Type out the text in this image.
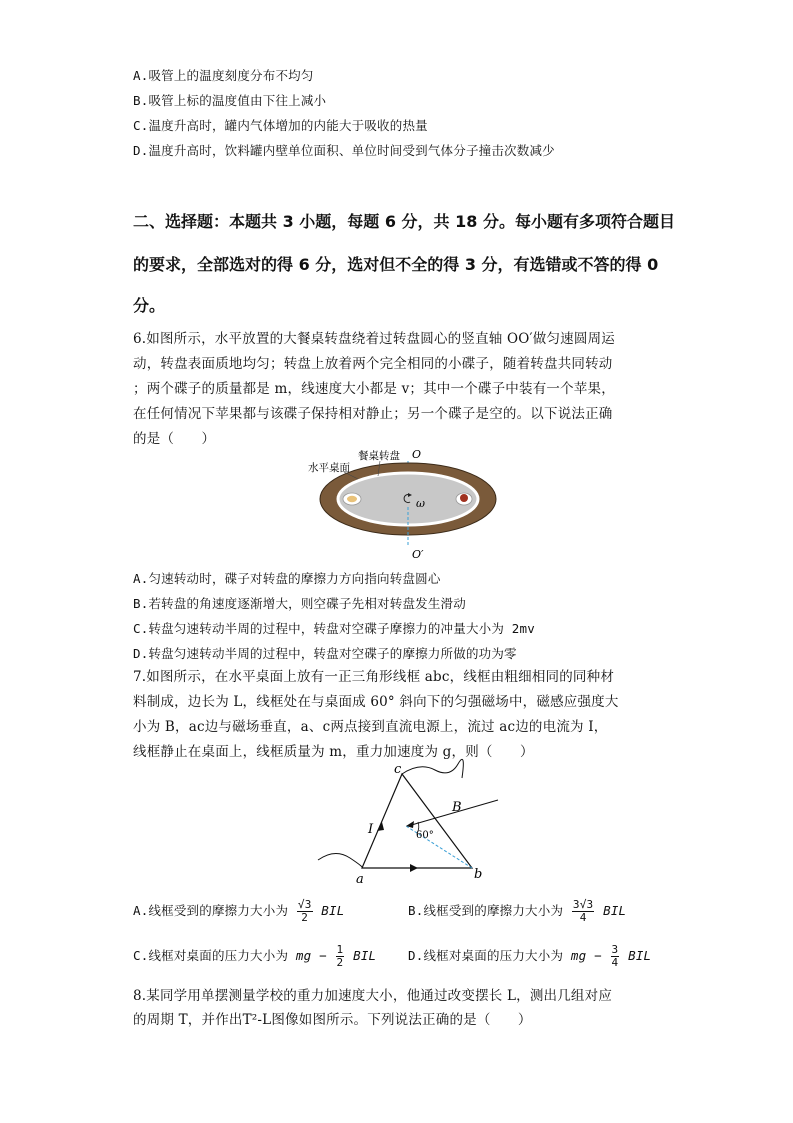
A.吸管上的温度刻度分布不均匀
B.吸管上标的温度值由下往上减小
C.温度升高时，罐内气体增加的内能大于吸收的热量
D.温度升高时，饮料罐内壁单位面积、单位时间受到气体分子撞击次数减少
二、选择题：本题共 3 小题，每题 6 分，共 18 分。每小题有多项符合题目
的要求，全部选对的得 6 分，选对但不全的得 3 分，有选错或不答的得 0
分。
6.如图所示，水平放置的大餐桌转盘绕着过转盘圆心的竖直轴 OO′做匀速圆周运
动，转盘表面质地均匀；转盘上放着两个完全相同的小碟子，随着转盘共同转动
；两个碟子的质量都是 m，线速度大小都是 v；其中一个碟子中装有一个苹果，
在任何情况下苹果都与该碟子保持相对静止；另一个碟子是空的。以下说法正确
的是（　　）
ω
水平桌面
餐桌转盘 O
O′
A.匀速转动时，碟子对转盘的摩擦力方向指向转盘圆心
B.若转盘的角速度逐渐增大，则空碟子先相对转盘发生滑动
C.转盘匀速转动半周的过程中，转盘对空碟子摩擦力的冲量大小为 2mv
D.转盘匀速转动半周的过程中，转盘对空碟子的摩擦力所做的功为零
7.如图所示，在水平桌面上放有一正三角形线框 abc，线框由粗细相同的同种材
料制成，边长为 L，线框处在与桌面成 60° 斜向下的匀强磁场中，磁感应强度大
小为 B，ac边与磁场垂直，a、c两点接到直流电源上，流过 ac边的电流为 I，
线框静止在桌面上，线框质量为 m，重力加速度为 g，则（　　）
a	b
c
B
I	60°
A.线框受到的摩擦力大小为 $\frac{√3}{2}$ BIL	B.线框受到的摩擦力大小为 $\frac{3√3}{4}$ BIL
C.线框对桌面的压力大小为 mg − $\frac{1}{2}$ BIL	D.线框对桌面的压力大小为 mg − $\frac{3}{4}$ BIL
8.某同学用单摆测量学校的重力加速度大小，他通过改变摆长 L，测出几组对应
的周期 T，并作出T²-L图像如图所示。下列说法正确的是（　　）
